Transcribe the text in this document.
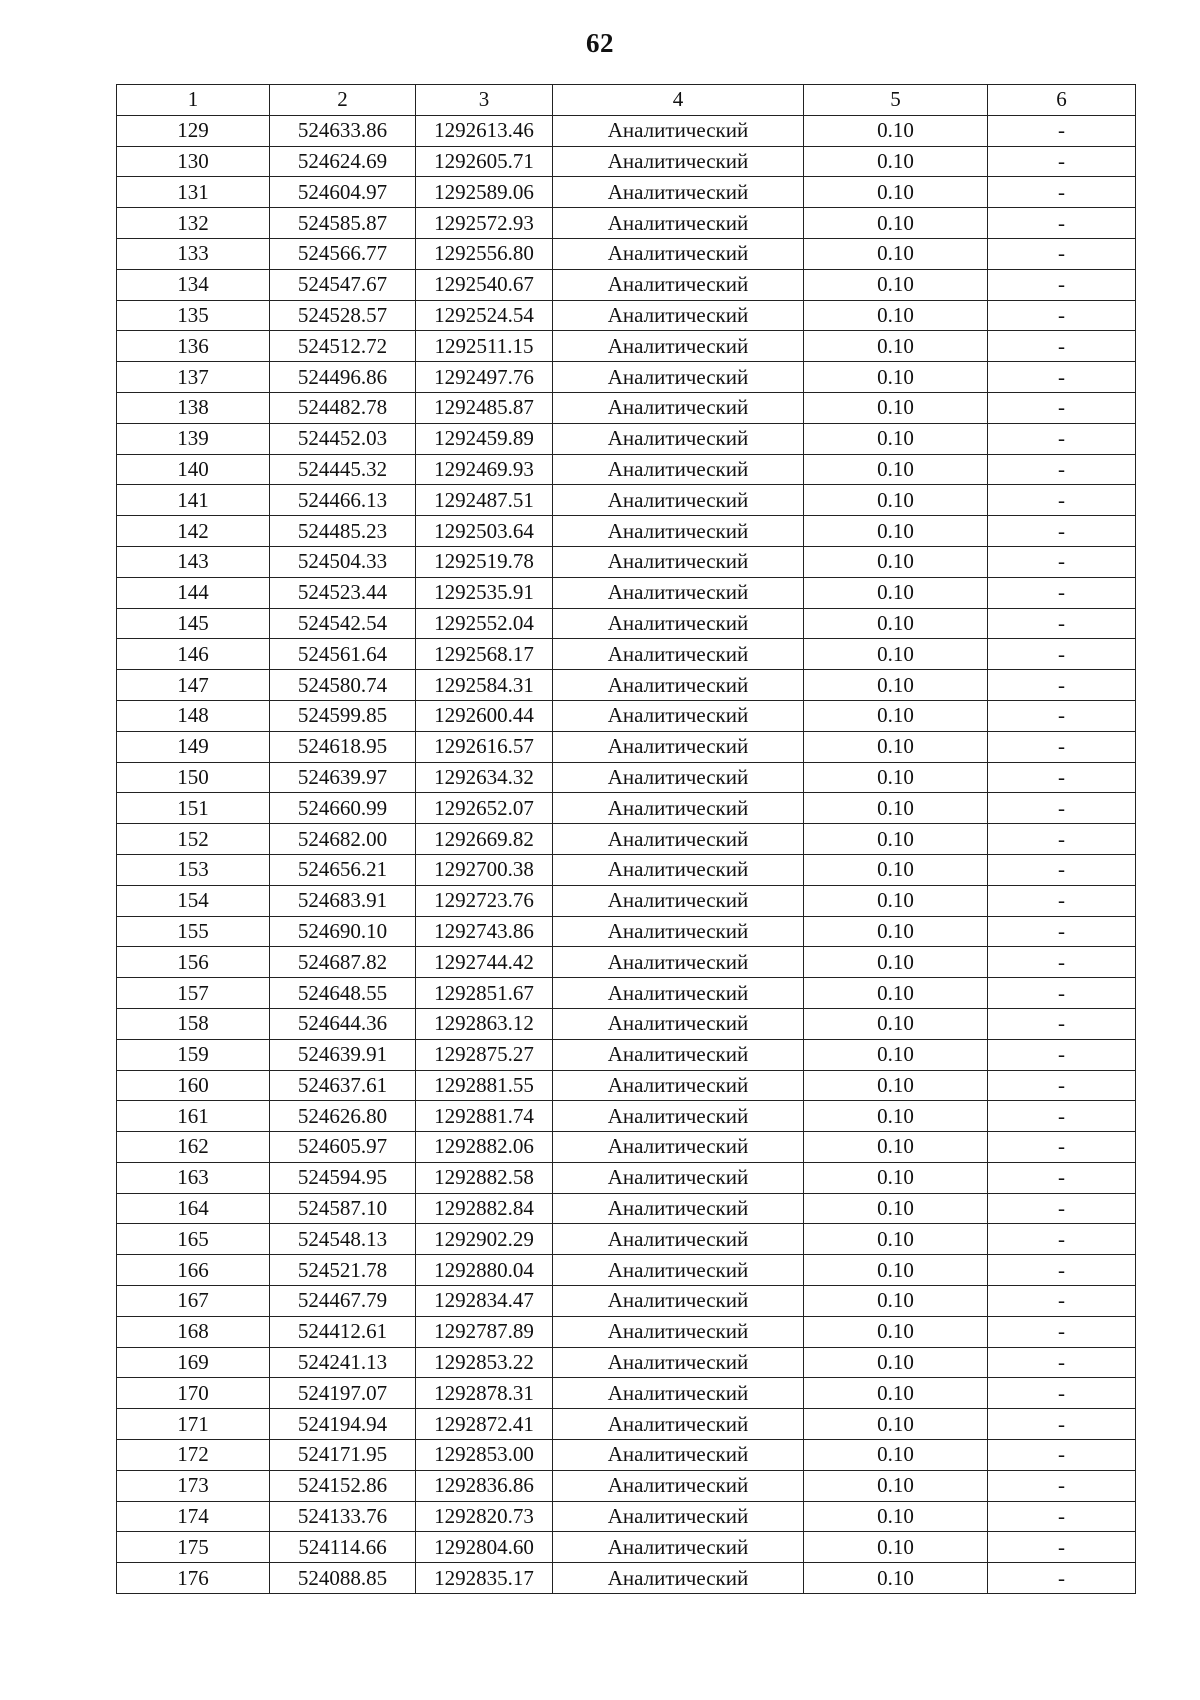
62
1	2	3	4	5	6
129	524633.86	1292613.46	Аналитический	0.10	-
130	524624.69	1292605.71	Аналитический	0.10	-
131	524604.97	1292589.06	Аналитический	0.10	-
132	524585.87	1292572.93	Аналитический	0.10	-
133	524566.77	1292556.80	Аналитический	0.10	-
134	524547.67	1292540.67	Аналитический	0.10	-
135	524528.57	1292524.54	Аналитический	0.10	-
136	524512.72	1292511.15	Аналитический	0.10	-
137	524496.86	1292497.76	Аналитический	0.10	-
138	524482.78	1292485.87	Аналитический	0.10	-
139	524452.03	1292459.89	Аналитический	0.10	-
140	524445.32	1292469.93	Аналитический	0.10	-
141	524466.13	1292487.51	Аналитический	0.10	-
142	524485.23	1292503.64	Аналитический	0.10	-
143	524504.33	1292519.78	Аналитический	0.10	-
144	524523.44	1292535.91	Аналитический	0.10	-
145	524542.54	1292552.04	Аналитический	0.10	-
146	524561.64	1292568.17	Аналитический	0.10	-
147	524580.74	1292584.31	Аналитический	0.10	-
148	524599.85	1292600.44	Аналитический	0.10	-
149	524618.95	1292616.57	Аналитический	0.10	-
150	524639.97	1292634.32	Аналитический	0.10	-
151	524660.99	1292652.07	Аналитический	0.10	-
152	524682.00	1292669.82	Аналитический	0.10	-
153	524656.21	1292700.38	Аналитический	0.10	-
154	524683.91	1292723.76	Аналитический	0.10	-
155	524690.10	1292743.86	Аналитический	0.10	-
156	524687.82	1292744.42	Аналитический	0.10	-
157	524648.55	1292851.67	Аналитический	0.10	-
158	524644.36	1292863.12	Аналитический	0.10	-
159	524639.91	1292875.27	Аналитический	0.10	-
160	524637.61	1292881.55	Аналитический	0.10	-
161	524626.80	1292881.74	Аналитический	0.10	-
162	524605.97	1292882.06	Аналитический	0.10	-
163	524594.95	1292882.58	Аналитический	0.10	-
164	524587.10	1292882.84	Аналитический	0.10	-
165	524548.13	1292902.29	Аналитический	0.10	-
166	524521.78	1292880.04	Аналитический	0.10	-
167	524467.79	1292834.47	Аналитический	0.10	-
168	524412.61	1292787.89	Аналитический	0.10	-
169	524241.13	1292853.22	Аналитический	0.10	-
170	524197.07	1292878.31	Аналитический	0.10	-
171	524194.94	1292872.41	Аналитический	0.10	-
172	524171.95	1292853.00	Аналитический	0.10	-
173	524152.86	1292836.86	Аналитический	0.10	-
174	524133.76	1292820.73	Аналитический	0.10	-
175	524114.66	1292804.60	Аналитический	0.10	-
176	524088.85	1292835.17	Аналитический	0.10	-
